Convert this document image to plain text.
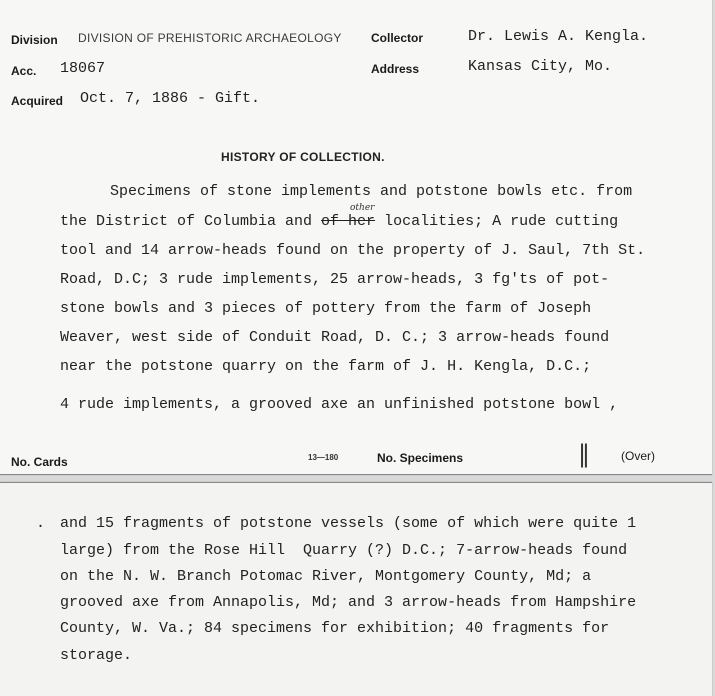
Division DIVISION OF PREHISTORIC ARCHAEOLOGY Collector	Dr. Lewis A. Kengla.
Acc. 18067	Address	Kansas City, Mo.
Acquired Oct. 7, 1886 - Gift.
HISTORY OF COLLECTION.
Specimens of stone implements and potstone bowls etc. from
other
the District of Columbia and of her localities; A rude cutting
tool and 14 arrow-heads found on the property of J. Saul, 7th St.
Road, D.C; 3 rude implements, 25 arrow-heads, 3 fg'ts of pot-
stone bowls and 3 pieces of pottery from the farm of Joseph
Weaver, west side of Conduit Road, D. C.; 3 arrow-heads found
near the potstone quarry on the farm of J. H. Kengla, D.C.;
4 rude implements, a grooved axe an unfinished potstone bowl ,
No. Cards	13—180	No. Specimens	‖	(Over)
. and 15 fragments of potstone vessels (some of which were quite 1
large) from the Rose Hill  Quarry (?) D.C.; 7-arrow-heads found
on the N. W. Branch Potomac River, Montgomery County, Md; a
grooved axe from Annapolis, Md; and 3 arrow-heads from Hampshire
County, W. Va.; 84 specimens for exhibition; 40 fragments for
storage.
